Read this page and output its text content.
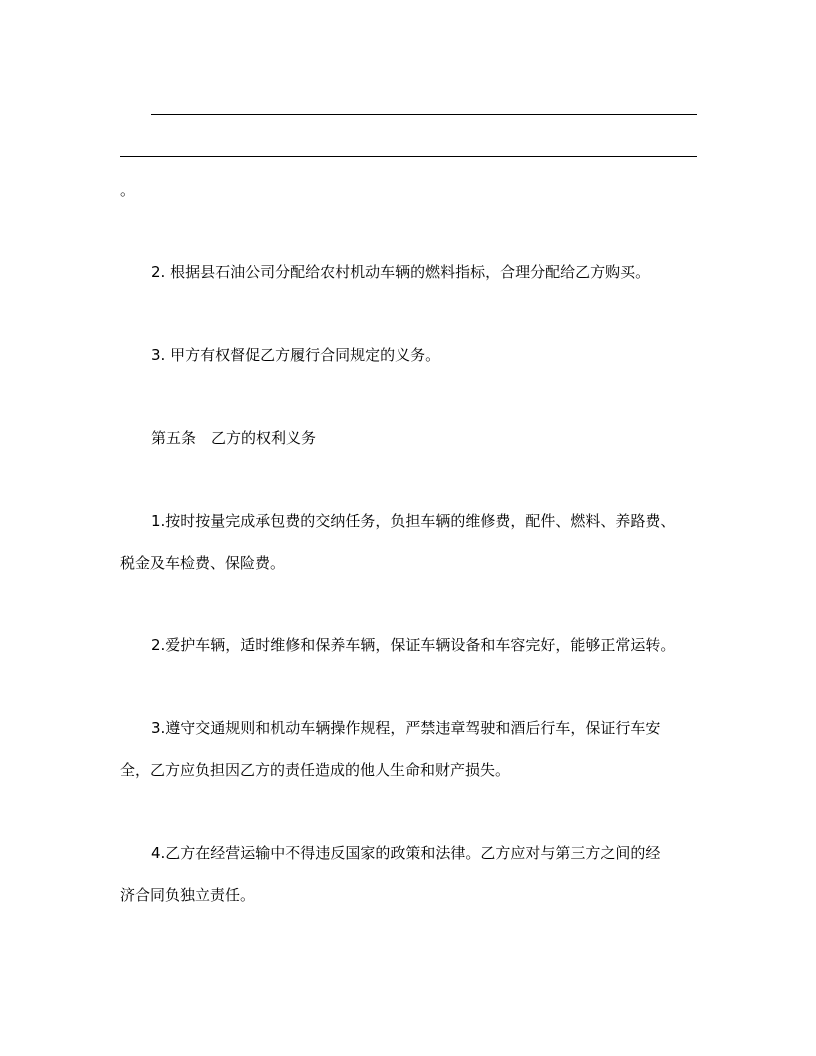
。
2. 根据县石油公司分配给农村机动车辆的燃料指标，合理分配给乙方购买。
3. 甲方有权督促乙方履行合同规定的义务。
第五条　乙方的权利义务
1.按时按量完成承包费的交纳任务，负担车辆的维修费，配件、燃料、养路费、
税金及车检费、保险费。
2.爱护车辆，适时维修和保养车辆，保证车辆设备和车容完好，能够正常运转。
3.遵守交通规则和机动车辆操作规程，严禁违章驾驶和酒后行车，保证行车安
全，乙方应负担因乙方的责任造成的他人生命和财产损失。
4.乙方在经营运输中不得违反国家的政策和法律。乙方应对与第三方之间的经
济合同负独立责任。
